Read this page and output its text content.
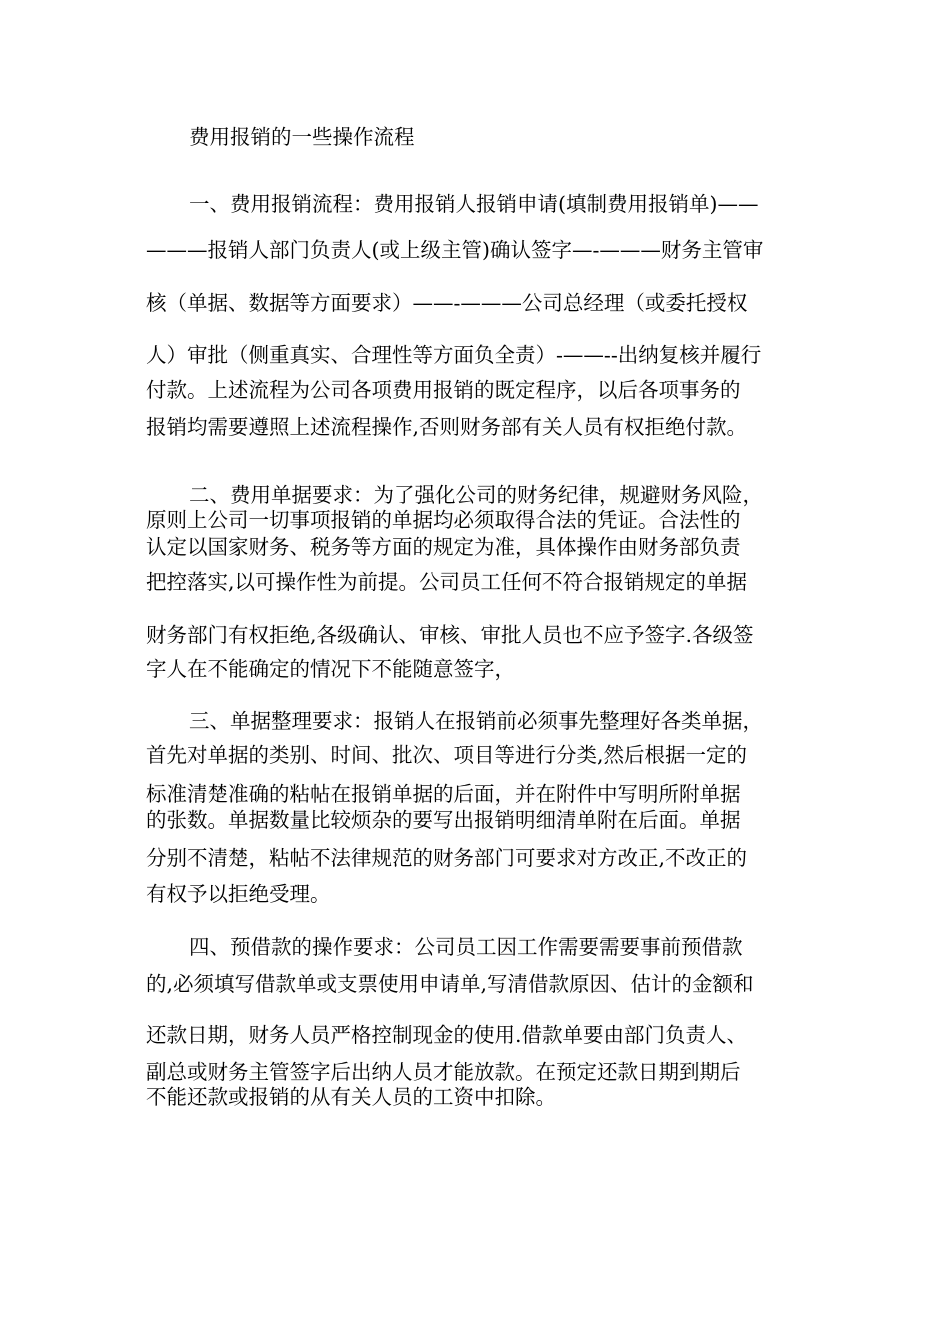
费用报销的一些操作流程
一、费用报销流程：费用报销人报销申请(填制费用报销单)——
———报销人部门负责人(或上级主管)确认签字—-———财务主管审
核（单据、数据等方面要求）——-———公司总经理（或委托授权
人）审批（侧重真实、合理性等方面负全责）-——--出纳复核并履行
付款。上述流程为公司各项费用报销的既定程序，以后各项事务的
报销均需要遵照上述流程操作,否则财务部有关人员有权拒绝付款。
二、费用单据要求：为了强化公司的财务纪律，规避财务风险，
原则上公司一切事项报销的单据均必须取得合法的凭证。合法性的
认定以国家财务、税务等方面的规定为准，具体操作由财务部负责
把控落实,以可操作性为前提。公司员工任何不符合报销规定的单据
财务部门有权拒绝,各级确认、审核、审批人员也不应予签字.各级签
字人在不能确定的情况下不能随意签字，
三、单据整理要求：报销人在报销前必须事先整理好各类单据，
首先对单据的类别、时间、批次、项目等进行分类,然后根据一定的
标准清楚准确的粘帖在报销单据的后面，并在附件中写明所附单据
的张数。单据数量比较烦杂的要写出报销明细清单附在后面。单据
分别不清楚，粘帖不法律规范的财务部门可要求对方改正,不改正的
有权予以拒绝受理。
四、预借款的操作要求：公司员工因工作需要需要事前预借款
的,必须填写借款单或支票使用申请单,写清借款原因、估计的金额和
还款日期，财务人员严格控制现金的使用.借款单要由部门负责人、
副总或财务主管签字后出纳人员才能放款。在预定还款日期到期后
不能还款或报销的从有关人员的工资中扣除。
